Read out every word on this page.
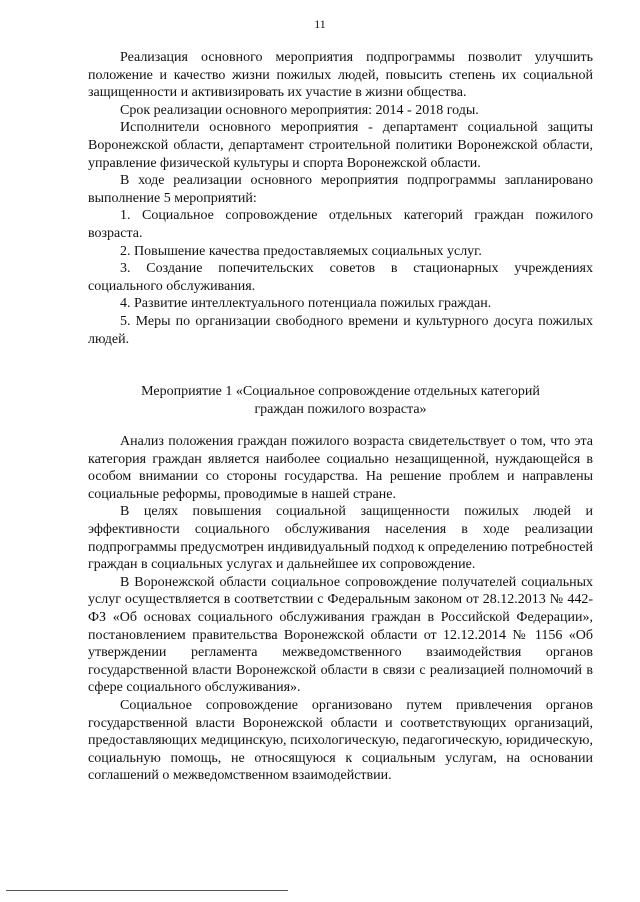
11

Реализация основного мероприятия подпрограммы позволит улучшить положение и качество жизни пожилых людей, повысить степень их социальной защищенности и активизировать их участие в жизни общества.

Срок реализации основного мероприятия: 2014 - 2018 годы.

Исполнители основного мероприятия - департамент социальной защиты Воронежской области, департамент строительной политики Воронежской области, управление физической культуры и спорта Воронежской области.

В ходе реализации основного мероприятия подпрограммы запланировано выполнение 5 мероприятий:

1. Социальное сопровождение отдельных категорий граждан пожилого возраста.

2. Повышение качества предоставляемых социальных услуг.

3. Создание попечительских советов в стационарных учреждениях социального обслуживания.

4. Развитие интеллектуального потенциала пожилых граждан.

5. Меры по организации свободного времени и культурного досуга пожилых людей.

Мероприятие 1 «Социальное сопровождение отдельных категорий
граждан пожилого возраста»

Анализ положения граждан пожилого возраста свидетельствует о том, что эта категория граждан является наиболее социально незащищенной, нуждающейся в особом внимании со стороны государства. На решение проблем и направлены социальные реформы, проводимые в нашей стране.

В целях повышения социальной защищенности пожилых людей и эффективности социального обслуживания населения в ходе реализации подпрограммы предусмотрен индивидуальный подход к определению потребностей граждан в социальных услугах и дальнейшее их сопровождение.

В Воронежской области социальное сопровождение получателей социальных услуг осуществляется в соответствии с Федеральным законом от 28.12.2013 № 442-ФЗ «Об основах социального обслуживания граждан в Российской Федерации», постановлением правительства Воронежской области от 12.12.2014 № 1156 «Об утверждении регламента межведомственного взаимодействия органов государственной власти Воронежской области в связи с реализацией полномочий в сфере социального обслуживания».

Социальное сопровождение организовано путем привлечения органов государственной власти Воронежской области и соответствующих организаций, предоставляющих медицинскую, психологическую, педагогическую, юридическую, социальную помощь, не относящуюся к социальным услугам, на основании соглашений о межведомственном взаимодействии.
